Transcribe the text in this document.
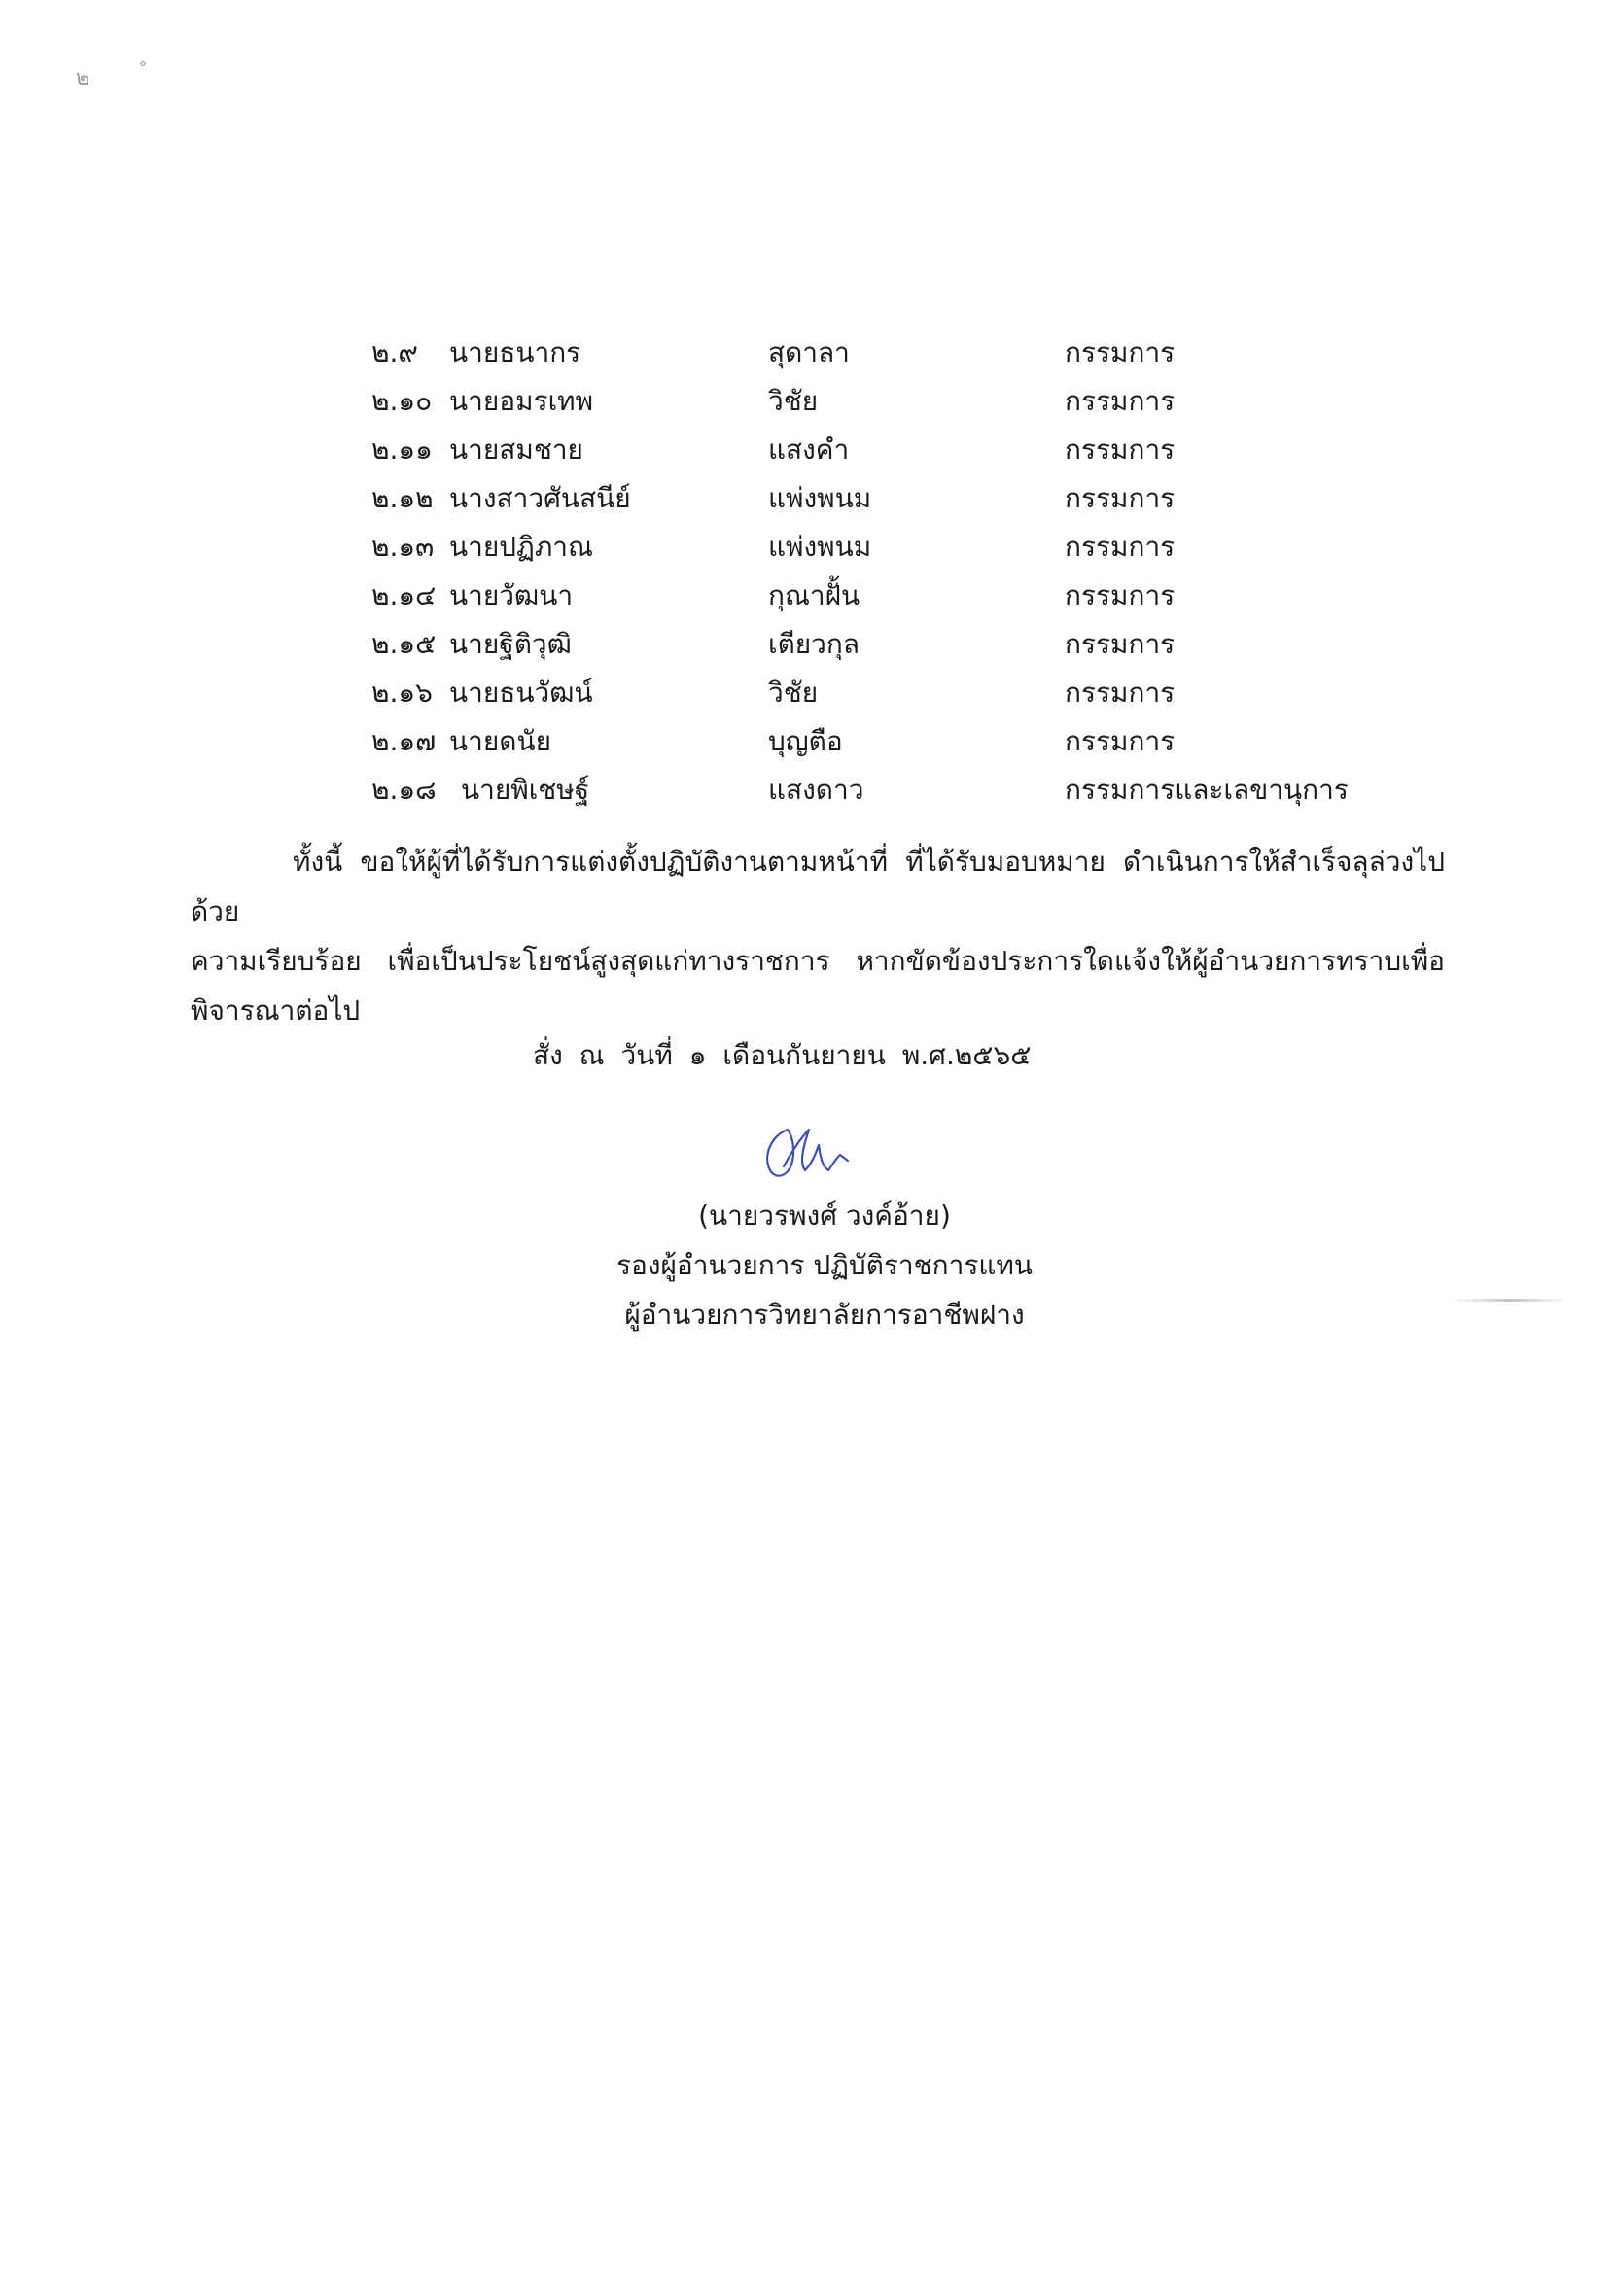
๒	°
๒.๙ นายธนากร	สุดาลา	กรรมการ
๒.๑๐ นายอมรเทพ	วิชัย	กรรมการ
๒.๑๑ นายสมชาย	แสงคำ	กรรมการ
๒.๑๒ นางสาวศันสนีย์	แพ่งพนม	กรรมการ
๒.๑๓ นายปฏิภาณ	แพ่งพนม	กรรมการ
๒.๑๔ นายวัฒนา	กุณาฝั้น	กรรมการ
๒.๑๕ นายฐิติวุฒิ	เตียวกุล	กรรมการ
๒.๑๖ นายธนวัฒน์	วิชัย	กรรมการ
๒.๑๗ นายดนัย	บุญตือ	กรรมการ
๒.๑๘ นายพิเชษฐ์	แสงดาว	กรรมการและเลขานุการ
ทั้งนี้ ขอให้ผู้ที่ได้รับการแต่งตั้งปฏิบัติงานตามหน้าที่ ที่ได้รับมอบหมาย ดำเนินการให้สำเร็จลุล่วงไปด้วย
ความเรียบร้อย เพื่อเป็นประโยชน์สูงสุดแก่ทางราชการ หากขัดข้องประการใดแจ้งให้ผู้อำนวยการทราบเพื่อ
พิจารณาต่อไป
สั่ง ณ วันที่ ๑ เดือนกันยายน พ.ศ.๒๕๖๕
(นายวรพงศ์ วงค์อ้าย)
รองผู้อำนวยการ ปฏิบัติราชการแทน
ผู้อำนวยการวิทยาลัยการอาชีพฝาง
